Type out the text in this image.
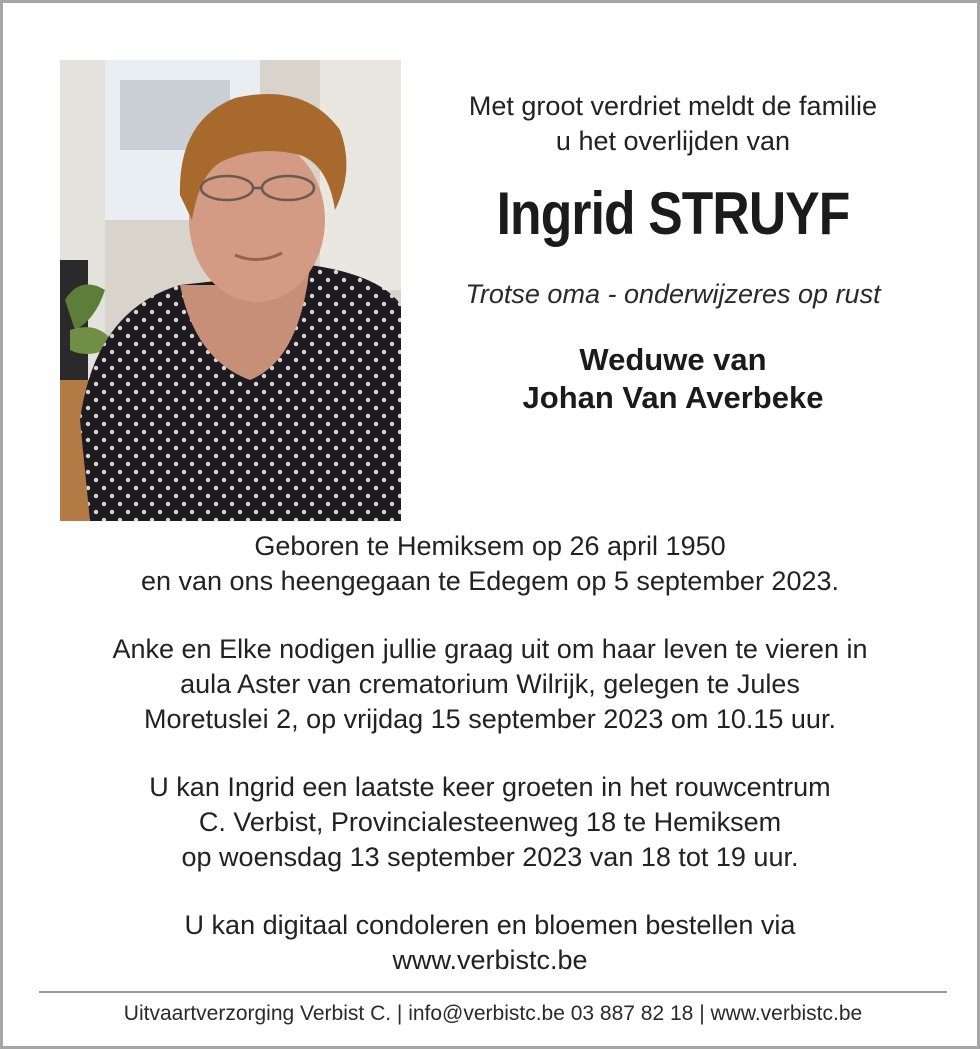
Met groot verdriet meldt de familie
u het overlijden van
Ingrid STRUYF
Trotse oma - onderwijzeres op rust
Weduwe van
Johan Van Averbeke
Geboren te Hemiksem op 26 april 1950
en van ons heengegaan te Edegem op 5 september 2023.
Anke en Elke nodigen jullie graag uit om haar leven te vieren in
aula Aster van crematorium Wilrijk, gelegen te Jules
Moretuslei 2, op vrijdag 15 september 2023 om 10.15 uur.
U kan Ingrid een laatste keer groeten in het rouwcentrum
C. Verbist, Provincialesteenweg 18 te Hemiksem
op woensdag 13 september 2023 van 18 tot 19 uur.
U kan digitaal condoleren en bloemen bestellen via
www.verbistc.be
Uitvaartverzorging Verbist C. | info@verbistc.be 03 887 82 18 | www.verbistc.be
